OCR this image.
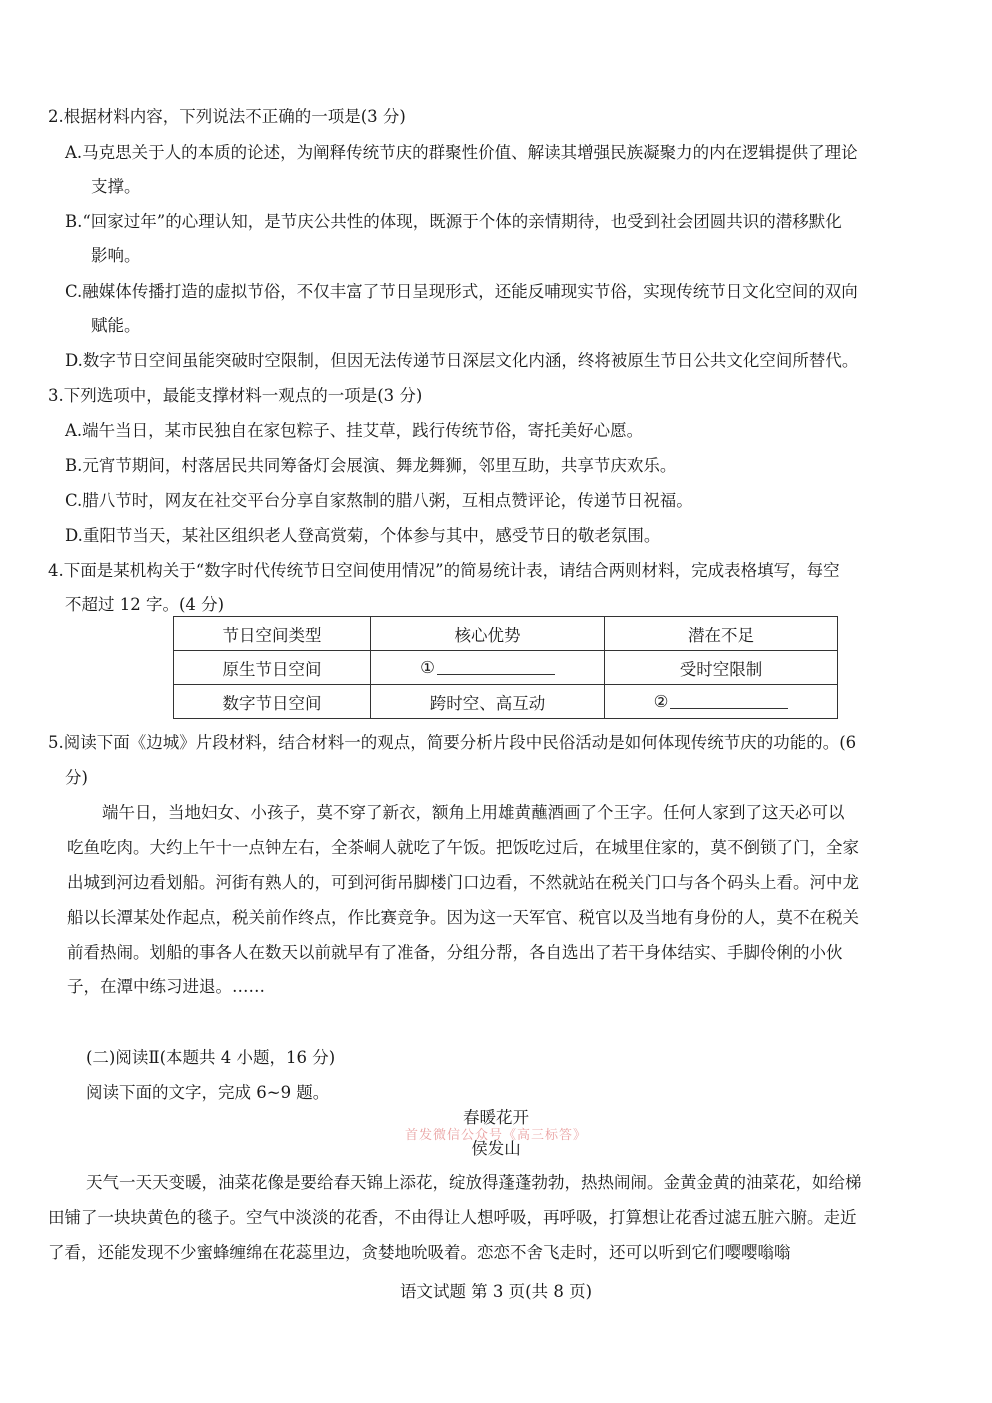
2.根据材料内容，下列说法不正确的一项是(3 分)
A.马克思关于人的本质的论述，为阐释传统节庆的群聚性价值、解读其增强民族凝聚力的内在逻辑提供了理论
支撑。
B.“回家过年”的心理认知，是节庆公共性的体现，既源于个体的亲情期待，也受到社会团圆共识的潜移默化
影响。
C.融媒体传播打造的虚拟节俗，不仅丰富了节日呈现形式，还能反哺现实节俗，实现传统节日文化空间的双向
赋能。
D.数字节日空间虽能突破时空限制，但因无法传递节日深层文化内涵，终将被原生节日公共文化空间所替代。
3.下列选项中，最能支撑材料一观点的一项是(3 分)
A.端午当日，某市民独自在家包粽子、挂艾草，践行传统节俗，寄托美好心愿。
B.元宵节期间，村落居民共同筹备灯会展演、舞龙舞狮，邻里互助，共享节庆欢乐。
C.腊八节时，网友在社交平台分享自家熬制的腊八粥，互相点赞评论，传递节日祝福。
D.重阳节当天，某社区组织老人登高赏菊，个体参与其中，感受节日的敬老氛围。
4.下面是某机构关于“数字时代传统节日空间使用情况”的简易统计表，请结合两则材料，完成表格填写，每空
不超过 12 字。(4 分)
节日空间类型	核心优势	潜在不足
原生节日空间	①	受时空限制
数字节日空间	跨时空、高互动	②
5.阅读下面《边城》片段材料，结合材料一的观点，简要分析片段中民俗活动是如何体现传统节庆的功能的。(6
分)
端午日，当地妇女、小孩子，莫不穿了新衣，额角上用雄黄蘸酒画了个王字。任何人家到了这天必可以
吃鱼吃肉。大约上午十一点钟左右，全茶峒人就吃了午饭。把饭吃过后，在城里住家的，莫不倒锁了门，全家
出城到河边看划船。河街有熟人的，可到河街吊脚楼门口边看，不然就站在税关门口与各个码头上看。河中龙
船以长潭某处作起点，税关前作终点，作比赛竞争。因为这一天军官、税官以及当地有身份的人，莫不在税关
前看热闹。划船的事各人在数天以前就早有了准备，分组分帮，各自选出了若干身体结实、手脚伶俐的小伙
子，在潭中练习进退。……
(二)阅读Ⅱ(本题共 4 小题，16 分)
阅读下面的文字，完成 6~9 题。
春暖花开
首发微信公众号《高三标答》
侯发山
天气一天天变暖，油菜花像是要给春天锦上添花，绽放得蓬蓬勃勃，热热闹闹。金黄金黄的油菜花，如给梯
田铺了一块块黄色的毯子。空气中淡淡的花香，不由得让人想呼吸，再呼吸，打算想让花香过滤五脏六腑。走近
了看，还能发现不少蜜蜂缠绵在花蕊里边，贪婪地吮吸着。恋恋不舍飞走时，还可以听到它们嘤嘤嗡嗡
语文试题 第 3 页(共 8 页)
